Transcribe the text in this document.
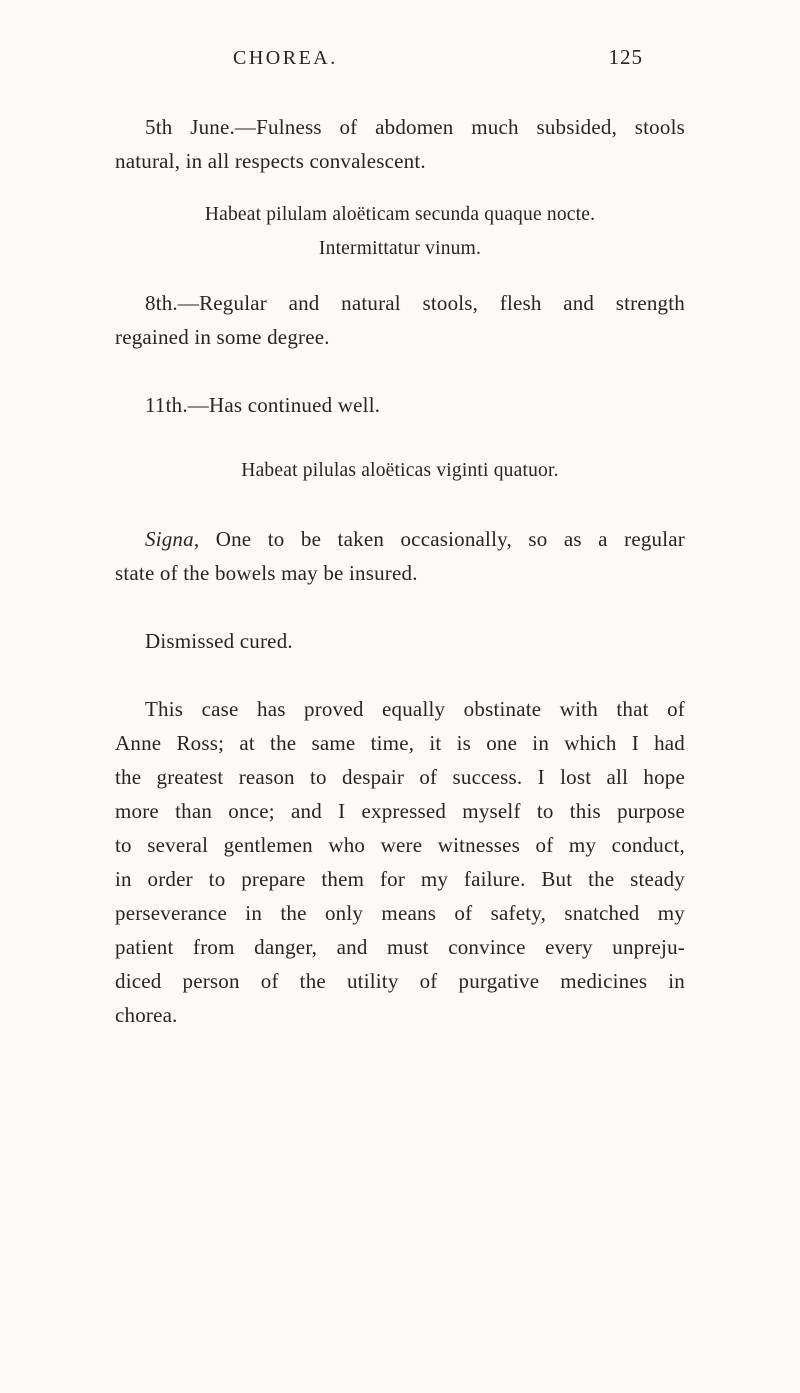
CHOREA.	125
5th June.—Fulness of abdomen much subsided, stools
natural, in all respects convalescent.
Habeat pilulam aloëticam secunda quaque nocte.
Intermittatur vinum.
8th.—Regular and natural stools, flesh and strength
regained in some degree.
11th.—Has continued well.
Habeat pilulas aloëticas viginti quatuor.
Signa, One to be taken occasionally, so as a regular
state of the bowels may be insured.
Dismissed cured.
This case has proved equally obstinate with that of
Anne Ross; at the same time, it is one in which I had
the greatest reason to despair of success. I lost all hope
more than once; and I expressed myself to this purpose
to several gentlemen who were witnesses of my conduct,
in order to prepare them for my failure. But the steady
perseverance in the only means of safety, snatched my
patient from danger, and must convince every unpreju-
diced person of the utility of purgative medicines in
chorea.
